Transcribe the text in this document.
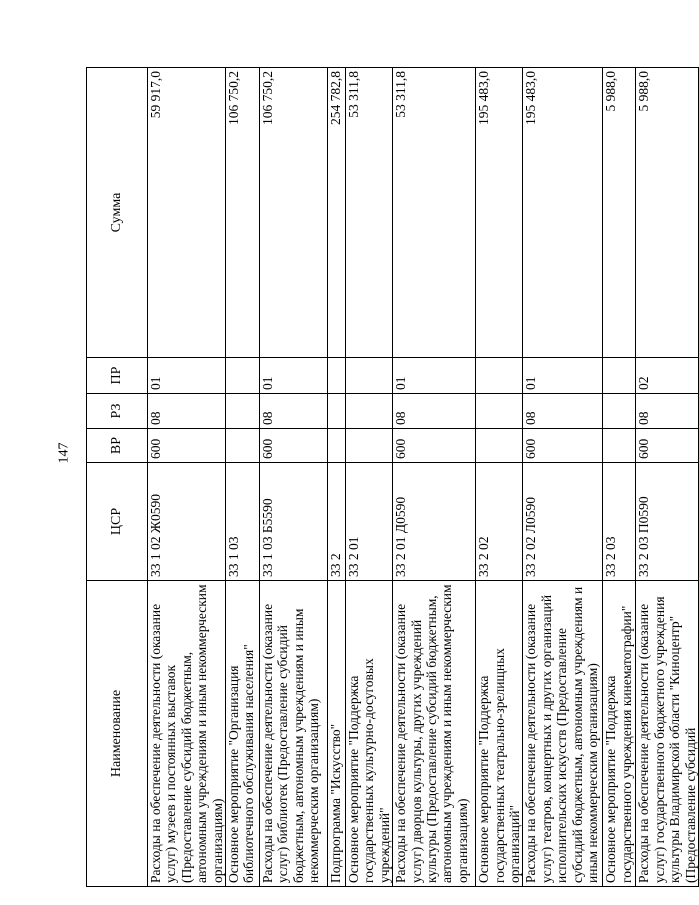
147
Наименование	ЦСР	ВР	РЗ	ПР	Сумма
Расходы на обеспечение деятельности (оказание услуг) музеев и постоянных выставок (Предоставление субсидий бюджетным, автономным учреждениям и иным некоммерческим организациям)	33 1 02 Ж0590	600	08	01	59 917,0
Основное мероприятие "Организация библиотечного обслуживания населения"	33 1 03				106 750,2
Расходы на обеспечение деятельности (оказание услуг) библиотек (Предоставление субсидий бюджетным, автономным учреждениям и иным некоммерческим организациям)	33 1 03 Б5590	600	08	01	106 750,2
Подпрограмма "Искусство"	33 2				254 782,8
Основное мероприятие "Поддержка государственных культурно-досуговых учреждений"	33 2 01				53 311,8
Расходы на обеспечение деятельности (оказание услуг) дворцов культуры, других учреждений культуры (Предоставление субсидий бюджетным, автономным учреждениям и иным некоммерческим организациям)	33 2 01 Д0590	600	08	01	53 311,8
Основное мероприятие "Поддержка государственных театрально-зрелищных организаций"	33 2 02				195 483,0
Расходы на обеспечение деятельности (оказание услуг) театров, концертных и других организаций исполнительских искусств (Предоставление субсидий бюджетным, автономным учреждениям и иным некоммерческим организациям)	33 2 02 Л0590	600	08	01	195 483,0
Основное мероприятие "Поддержка государственного учреждения кинематографии"	33 2 03				5 988,0
Расходы на обеспечение деятельности (оказание услуг) государственного бюджетного учреждения культуры Владимирской области "Киноцентр" (Предоставление субсидий	33 2 03 П0590	600	08	02	5 988,0
